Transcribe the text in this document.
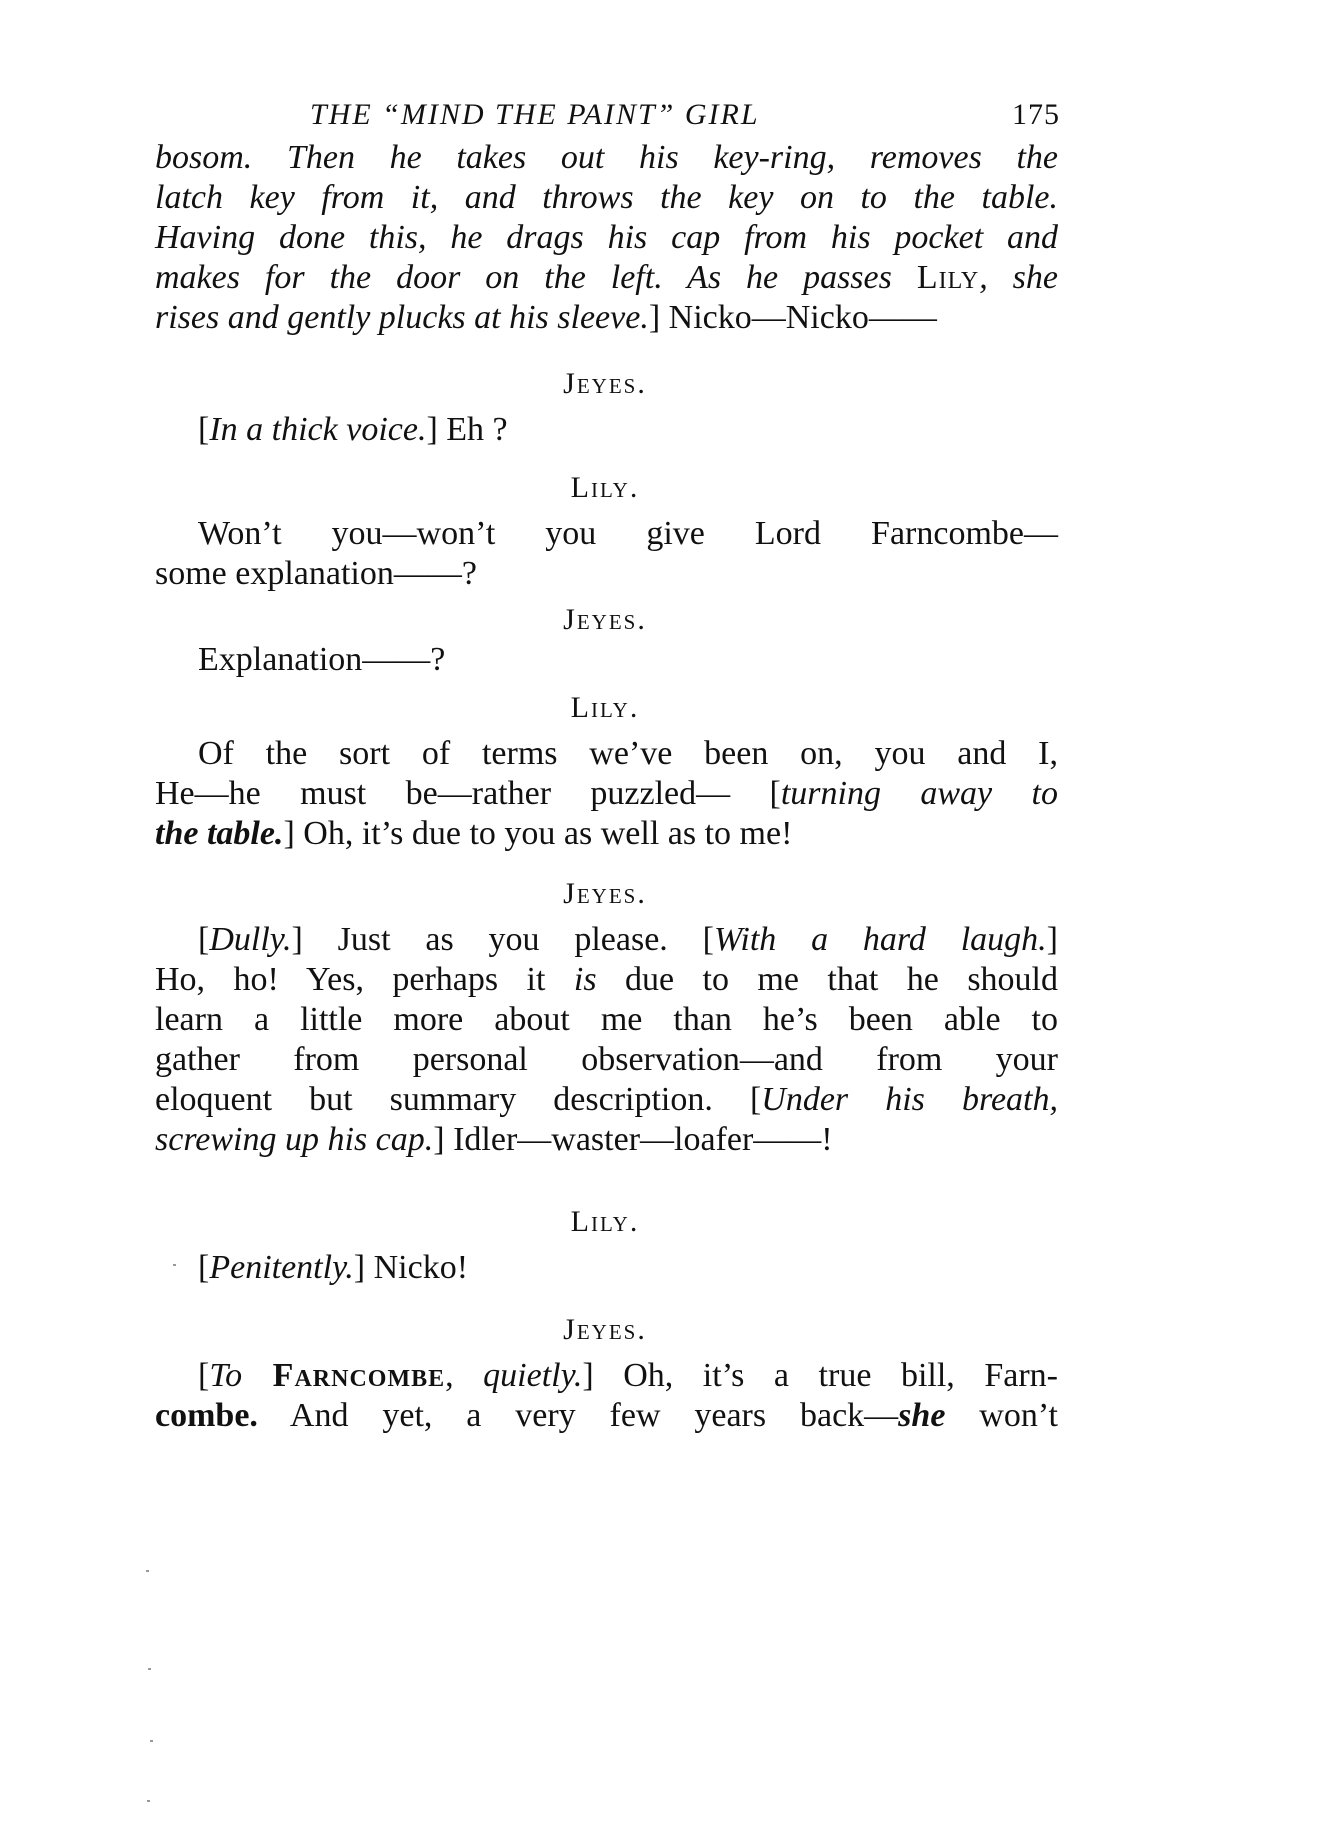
THE “MIND THE PAINT” GIRL	175
bosom. Then he takes out his key-ring, removes the
latch key from it, and throws the key on to the table.
Having done this, he drags his cap from his pocket and
makes for the door on the left. As he passes Lily, she
rises and gently plucks at his sleeve.] Nicko—Nicko——
Jeyes.
[In a thick voice.] Eh ?
Lily.
Won’t you—won’t you give Lord Farncombe—
some explanation——?
Jeyes.
Explanation——?
Lily.
Of the sort of terms we’ve been on, you and I,
He—he must be—rather puzzled— [turning away to
the table.] Oh, it’s due to you as well as to me!
Jeyes.
[Dully.] Just as you please. [With a hard laugh.]
Ho, ho! Yes, perhaps it is due to me that he should
learn a little more about me than he’s been able to
gather from personal observation—and from your
eloquent but summary description. [Under his breath,
screwing up his cap.] Idler—waster—loafer——!
Lily.
[Penitently.] Nicko!
Jeyes.
[To Farncombe, quietly.] Oh, it’s a true bill, Farn-
combe. And yet, a very few years back—she won’t
